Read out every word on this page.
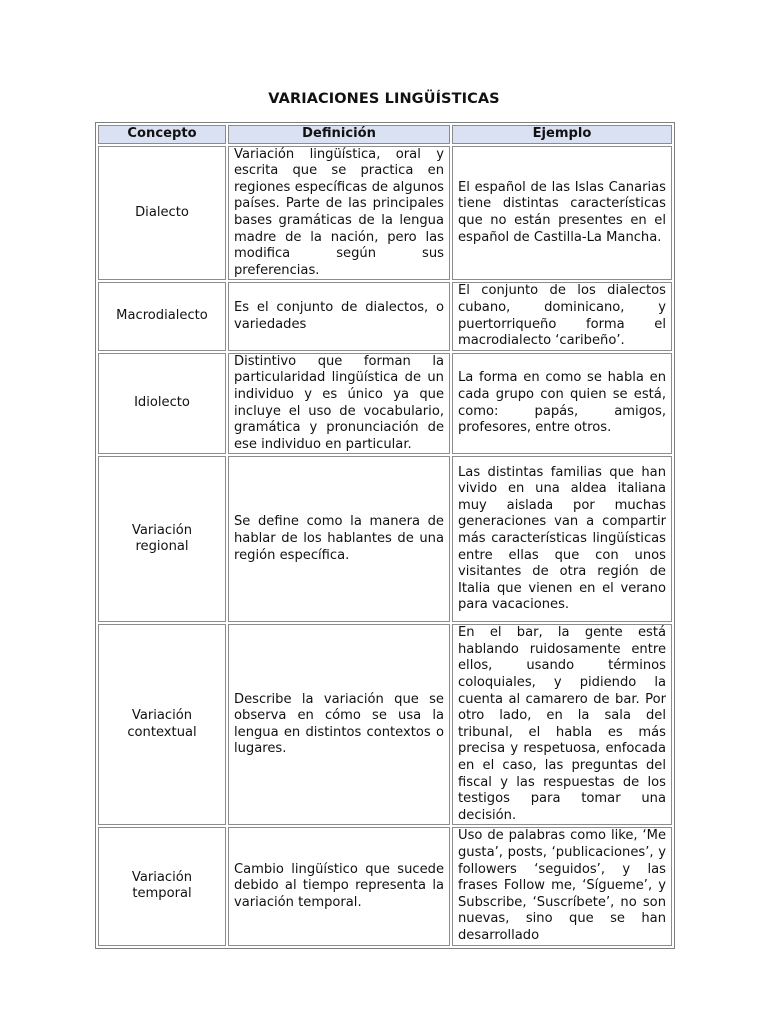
VARIACIONES LINGÜÍSTICAS
Concepto	Definición	Ejemplo
Dialecto	Variación lingüística, oral y escrita que se practica en regiones específicas de algunos países. Parte de las principales bases gramáticas de la lengua madre de la nación, pero las modifica según sus preferencias.	El español de las Islas Canarias tiene distintas características que no están presentes en el español de Castilla-La Mancha.
Macrodialecto	Es el conjunto de dialectos, o variedades	El conjunto de los dialectos cubano, dominicano, y puertorriqueño forma el macrodialecto ‘caribeño’.
Idiolecto	Distintivo que forman la particularidad lingüística de un individuo y es único ya que incluye el uso de vocabulario, gramática y pronunciación de ese individuo en particular.	La forma en como se habla en cada grupo con quien se está, como: papás, amigos, profesores, entre otros.
Variación regional	Se define como la manera de hablar de los hablantes de una región específica.	Las distintas familias que han vivido en una aldea italiana muy aislada por muchas generaciones van a compartir más características lingüísticas entre ellas que con unos visitantes de otra región de Italia que vienen en el verano para vacaciones.
Variación contextual	Describe la variación que se observa en cómo se usa la lengua en distintos contextos o lugares.	En el bar, la gente está hablando ruidosamente entre ellos, usando términos coloquiales, y pidiendo la cuenta al camarero de bar. Por otro lado, en la sala del tribunal, el habla es más precisa y respetuosa, enfocada en el caso, las preguntas del fiscal y las respuestas de los testigos para tomar una decisión.
Variación temporal	Cambio lingüístico que sucede debido al tiempo representa la variación temporal.	Uso de palabras como like, ‘Me gusta’, posts, ‘publicaciones’, y followers ‘seguidos’, y las frases Follow me, ‘Sígueme’, y Subscribe, ‘Suscríbete’, no son nuevas, sino que se han desarrollado
